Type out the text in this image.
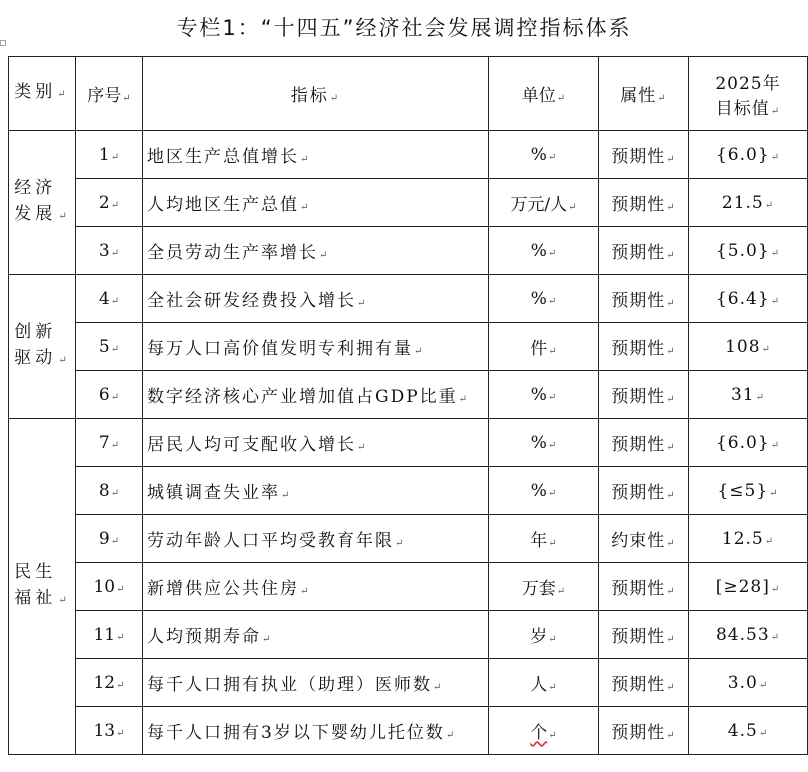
专栏1：“十四五”经济社会发展调控指标体系
类别↵	序号↵	指标↵	单位↵	属性↵	2025年
目标值↵

经济发展 ↵	1↵	地区生产总值增长↵	%↵	预期性↵	{6.0}↵
	2↵	人均地区生产总值↵	万元/人↵	预期性↵	21.5↵
	3↵	全员劳动生产率增长↵	%↵	预期性↵	{5.0}↵
创新驱动 ↵	4↵	全社会研发经费投入增长↵	%↵	预期性↵	{6.4}↵
	5↵	每万人口高价值发明专利拥有量↵	件↵	预期性↵	108↵
	6↵	数字经济核心产业增加值占GDP比重↵	%↵	预期性↵	31↵
民生福祉 ↵	7↵	居民人均可支配收入增长↵	%↵	预期性↵	{6.0}↵
	8↵	城镇调查失业率↵	%↵	预期性↵	{≤5}↵
	9↵	劳动年龄人口平均受教育年限↵	年↵	约束性↵	12.5↵
	10↵	新增供应公共住房↵	万套↵	预期性↵	[≥28]↵
	11↵	人均预期寿命↵	岁↵	预期性↵	84.53↵
	12↵	每千人口拥有执业（助理）医师数↵	人↵	预期性↵	3.0↵
	13↵	每千人口拥有3岁以下婴幼儿托位数↵	个↵	预期性↵	4.5↵
